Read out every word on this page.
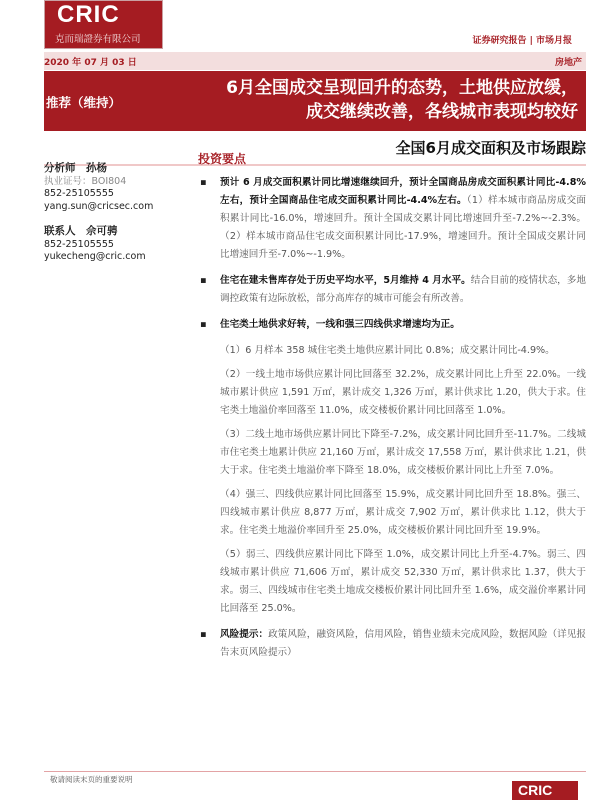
CRIC
克而瑞證券有限公司	证券研究报告 | 市场月报
2020 年 07 月 03 日	房地产
推荐（维持）
6月全国成交呈现回升的态势，土地供应放缓，
成交继续改善，各线城市表现均较好
全国6月成交面积及市场跟踪
分析师　孙杨
执业证号：BOI804
852-25105555
yang.sun@cricsec.com
联系人　佘可骋
852-25105555
yukecheng@cric.com
投资要点
▪ 预计 6 月成交面积累计同比增速继续回升，预计全国商品房成交面积累计同比-4.8%左右，预计全国商品住宅成交面积累计同比-4.4%左右。（1）样本城市商品房成交面积累计同比-16.0%，增速回升。预计全国成交累计同比增速回升至-7.2%~-2.3%。（2）样本城市商品住宅成交面积累计同比-17.9%，增速回升。预计全国成交累计同比增速回升至-7.0%~-1.9%。
▪ 住宅在建未售库存处于历史平均水平，5月维持 4 月水平。结合目前的疫情状态，多地调控政策有边际放松，部分高库存的城市可能会有所改善。
▪ 住宅类土地供求好转，一线和强三四线供求增速均为正。
（1）6 月样本 358 城住宅类土地供应累计同比 0.8%；成交累计同比-4.9%。
（2）一线土地市场供应累计同比回落至 32.2%，成交累计同比上升至 22.0%。一线城市累计供应 1,591 万㎡，累计成交 1,326 万㎡，累计供求比 1.20，供大于求。住宅类土地溢价率回落至 11.0%，成交楼板价累计同比回落至 1.0%。
（3）二线土地市场供应累计同比下降至-7.2%，成交累计同比回升至-11.7%。二线城市住宅类土地累计供应 21,160 万㎡，累计成交 17,558 万㎡，累计供求比 1.21，供大于求。住宅类土地溢价率下降至 18.0%，成交楼板价累计同比上升至 7.0%。
（4）强三、四线供应累计同比回落至 15.9%，成交累计同比回升至 18.8%。强三、四线城市累计供应 8,877 万㎡，累计成交 7,902 万㎡，累计供求比 1.12，供大于求。住宅类土地溢价率回升至 25.0%，成交楼板价累计同比回升至 19.9%。
（5）弱三、四线供应累计同比下降至 1.0%，成交累计同比上升至-4.7%。弱三、四线城市累计供应 71,606 万㎡，累计成交 52,330 万㎡，累计供求比 1.37，供大于求。弱三、四线城市住宅类土地成交楼板价累计同比回升至 1.6%，成交溢价率累计同比回落至 25.0%。
▪ 风险提示：政策风险，融资风险，信用风险，销售业绩未完成风险，数据风险（详见报告末页风险提示）
敬请阅读末页的重要说明
CRIC
